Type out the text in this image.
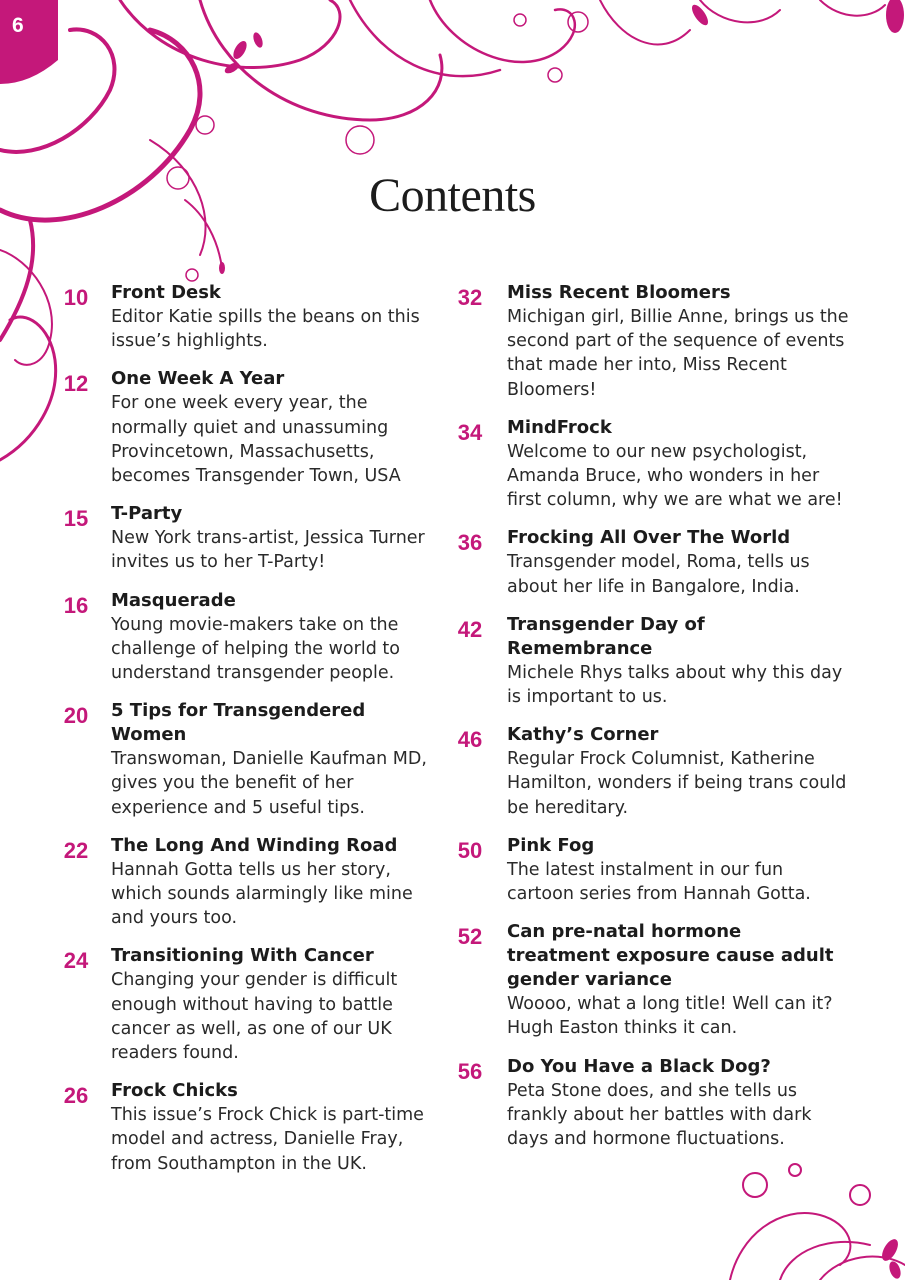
6
Contents
10	Front Desk
Editor Katie spills the beans on this issue’s highlights.
12	One Week A Year
For one week every year, the normally quiet and unassuming Provincetown, Massachusetts, becomes Transgender Town, USA
15	T-Party
New York trans-artist, Jessica Turner invites us to her T-Party!
16	Masquerade
Young movie-makers take on the challenge of helping the world to understand transgender people.
20	5 Tips for Transgendered Women
Transwoman, Danielle Kaufman MD, gives you the benefit of her experience and 5 useful tips.
22	The Long And Winding Road
Hannah Gotta tells us her story, which sounds alarmingly like mine and yours too.
24	Transitioning With Cancer
Changing your gender is difficult enough without having to battle cancer as well, as one of our UK readers found.
26	Frock Chicks
This issue’s Frock Chick is part-time model and actress, Danielle Fray, from Southampton in the UK.
32	Miss Recent Bloomers
Michigan girl, Billie Anne, brings us the second part of the sequence of events that made her into, Miss Recent Bloomers!
34	MindFrock
Welcome to our new psychologist, Amanda Bruce, who wonders in her first column, why we are what we are!
36	Frocking All Over The World
Transgender model, Roma, tells us about her life in Bangalore, India.
42	Transgender Day of Remembrance
Michele Rhys talks about why this day is important to us.
46	Kathy’s Corner
Regular Frock Columnist, Katherine Hamilton, wonders if being trans could be hereditary.
50	Pink Fog
The latest instalment in our fun cartoon series from Hannah Gotta.
52	Can pre-natal hormone treatment exposure cause adult gender variance
Woooo, what a long title! Well can it? Hugh Easton thinks it can.
56	Do You Have a Black Dog?
Peta Stone does, and she tells us frankly about her battles with dark days and hormone fluctuations.
